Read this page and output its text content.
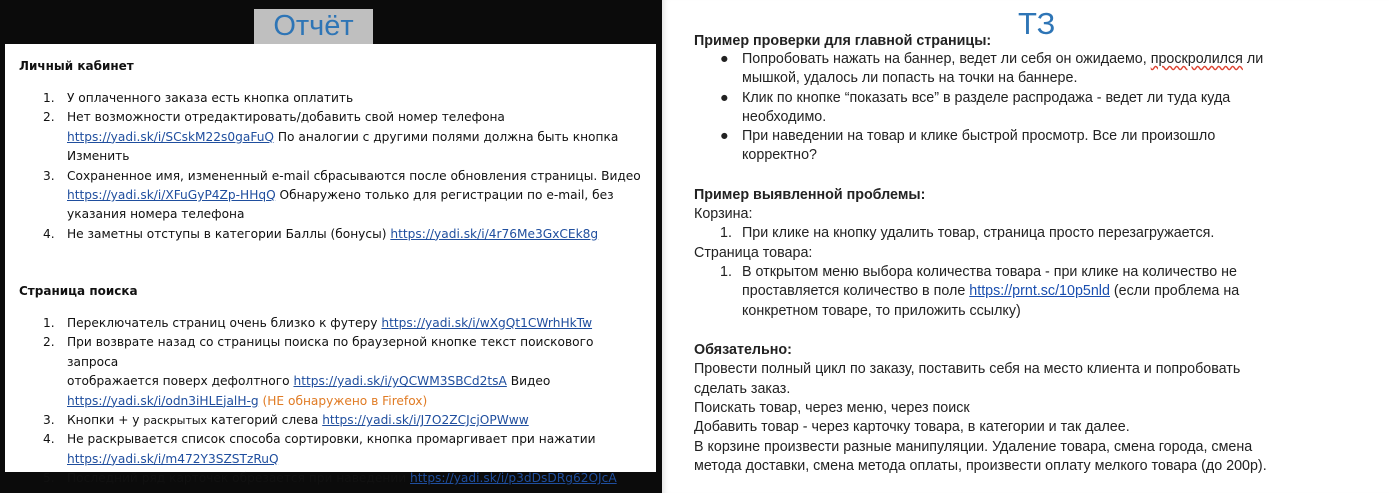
Отчёт
Личный кабинет
1. У оплаченного заказа есть кнопка оплатить
2. Нет возможности отредактировать/добавить свой номер телефона
https://yadi.sk/i/SCskM22s0gaFuQ По аналогии с другими полями должна быть кнопка
Изменить
3. Сохраненное имя, измененный e-mail сбрасываются после обновления страницы. Видео
https://yadi.sk/i/XFuGyP4Zp-HHqQ Обнаружено только для регистрации по e-mail, без
указания номера телефона
4. Не заметны отступы в категории Баллы (бонусы) https://yadi.sk/i/4r76Me3GxCEk8g
Страница поиска
1. Переключатель страниц очень близко к футеру https://yadi.sk/i/wXgQt1CWrhHkTw
2. При возврате назад со страницы поиска по браузерной кнопке текст поискового запроса
отображается поверх дефолтного https://yadi.sk/i/yQCWM3SBCd2tsA Видео
https://yadi.sk/i/odn3iHLEjalH-g (НЕ обнаружено в Firefox)
3. Кнопки + у раскрытых категорий слева https://yadi.sk/i/J7O2ZCJcjOPWww
4. Не раскрывается список способа сортировки, кнопка промаргивает при нажатии
https://yadi.sk/i/m472Y3SZSTzRuQ
5. Последний ряд карточек обрезается при наведении https://yadi.sk/i/p3dDsDRg62OJcA
ТЗ
Пример проверки для главной страницы:
● Попробовать нажать на баннер, ведет ли себя он ожидаемо, проскролился ли
мышкой, удалось ли попасть на точки на баннере.
● Клик по кнопке “показать все” в разделе распродажа - ведет ли туда куда
необходимо.
● При наведении на товар и клике быстрой просмотр. Все ли произошло
корректно?
Пример выявленной проблемы:
Корзина:
1. При клике на кнопку удалить товар, страница просто перезагружается.
Страница товара:
1. В открытом меню выбора количества товара - при клике на количество не
проставляется количество в поле https://prnt.sc/10p5nld (если проблема на
конкретном товаре, то приложить ссылку)
Обязательно:
Провести полный цикл по заказу, поставить себя на место клиента и попробовать
сделать заказ.
Поискать товар, через меню, через поиск
Добавить товар - через карточку товара, в категории и так далее.
В корзине произвести разные манипуляции. Удаление товара, смена города, смена
метода доставки, смена метода оплаты, произвести оплату мелкого товара (до 200р).
